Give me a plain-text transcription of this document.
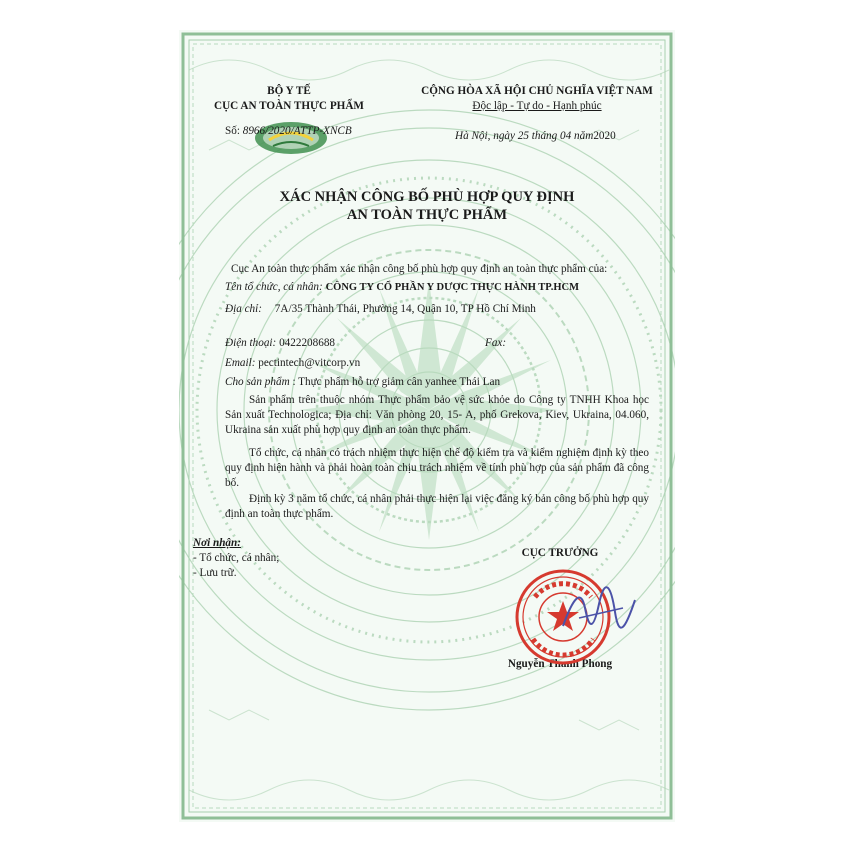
BỘ Y TẾ
CỤC AN TOÀN THỰC PHẨM
Số: 8966/2020/ATTP-XNCB
CỘNG HÒA XÃ HỘI CHỦ NGHĨA VIỆT NAM
Độc lập - Tự do - Hạnh phúc
Hà Nội, ngày 25 tháng 04 năm2020
XÁC NHẬN CÔNG BỐ PHÙ HỢP QUY ĐỊNH
AN TOÀN THỰC PHẨM
Cục An toàn thực phẩm xác nhận công bố phù hợp quy định an toàn thực phẩm của:
Tên tổ chức, cá nhân: CÔNG TY CỔ PHẦN Y DƯỢC THỰC HÀNH TP.HCM
Địa chỉ: 7A/35 Thành Thái, Phường 14, Quận 10, TP Hồ Chí Minh
Điện thoại: 0422208688	Fax:
Email: pectintech@vitcorp.vn
Cho sản phẩm : Thực phẩm hỗ trợ giảm cân yanhee Thái Lan
Sản phẩm trên thuộc nhóm Thực phẩm bảo vệ sức khỏe do Công ty TNHH Khoa học Sản xuất Technologica; Địa chỉ: Văn phòng 20, 15- A, phố Grekova, Kiev, Ukraina, 04.060, Ukraina sản xuất phù hợp quy định an toàn thực phẩm.
Tổ chức, cá nhân có trách nhiệm thực hiện chế độ kiểm tra và kiểm nghiệm định kỳ theo quy định hiện hành và phải hoàn toàn chịu trách nhiệm về tính phù hợp của sản phẩm đã công bố.
Định kỳ 3 năm tổ chức, cá nhân phải thực hiện lại việc đăng ký bản công bố phù hợp quy định an toàn thực phẩm.
Nơi nhận:
- Tổ chức, cá nhân;
- Lưu trữ.
CỤC TRƯỞNG
Nguyễn Thanh Phong
